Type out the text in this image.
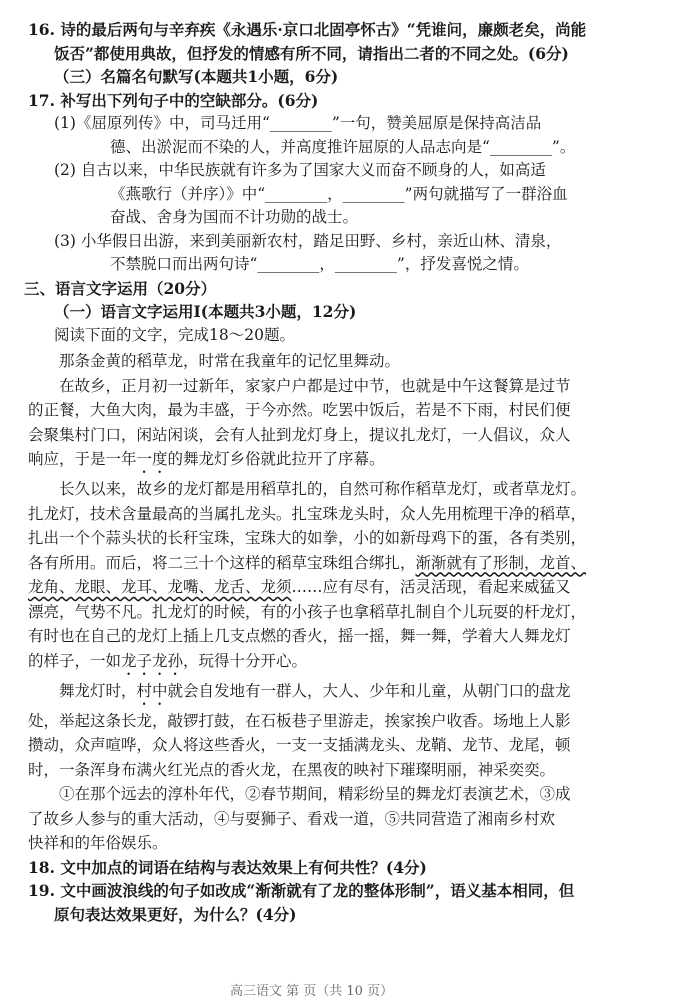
16. 诗的最后两句与辛弃疾《永遇乐·京口北固亭怀古》“凭谁问，廉颇老矣，尚能
饭否”都使用典故，但抒发的情感有所不同，请指出二者的不同之处。(6分)
（三）名篇名句默写(本题共1小题，6分)
17. 补写出下列句子中的空缺部分。(6分)
(1)《屈原列传》中，司马迁用“________”一句，赞美屈原是保持高洁品
德、出淤泥而不染的人，并高度推许屈原的人品志向是“________”。
(2) 自古以来，中华民族就有许多为了国家大义而奋不顾身的人，如高适
《燕歌行（并序）》中“________，________”两句就描写了一群浴血
奋战、舍身为国而不计功勋的战士。
(3) 小华假日出游，来到美丽新农村，踏足田野、乡村，亲近山林、清泉，
不禁脱口而出两句诗“________，________”，抒发喜悦之情。
三、语言文字运用（20分）
（一）语言文字运用Ⅰ(本题共3小题，12分)
阅读下面的文字，完成18～20题。
那条金黄的稻草龙，时常在我童年的记忆里舞动。
在故乡，正月初一过新年，家家户户都是过中节，也就是中午这餐算是过节
的正餐，大鱼大肉，最为丰盛，于今亦然。吃罢中饭后，若是不下雨，村民们便
会聚集村门口，闲站闲谈，会有人扯到龙灯身上，提议扎龙灯，一人倡议，众人
响应，于是一年一度的舞龙灯乡俗就此拉开了序幕。
长久以来，故乡的龙灯都是用稻草扎的，自然可称作稻草龙灯，或者草龙灯。
扎龙灯，技术含量最高的当属扎龙头。扎宝珠龙头时，众人先用梳理干净的稻草，
扎出一个个蒜头状的长秆宝珠，宝珠大的如拳，小的如新母鸡下的蛋，各有类别，
各有所用。而后，将二三十个这样的稻草宝珠组合绑扎，渐渐就有了形制，龙首、
龙角、龙眼、龙耳、龙嘴、龙舌、龙须……应有尽有，活灵活现，看起来威猛又
漂亮，气势不凡。扎龙灯的时候，有的小孩子也拿稻草扎制自个儿玩耍的杆龙灯，
有时也在自己的龙灯上插上几支点燃的香火，摇一摇，舞一舞，学着大人舞龙灯
的样子，一如龙子龙孙，玩得十分开心。
舞龙灯时，村中就会自发地有一群人，大人、少年和儿童，从朝门口的盘龙
处，举起这条长龙，敲锣打鼓，在石板巷子里游走，挨家挨户收香。场地上人影
攒动，众声喧哗，众人将这些香火，一支一支插满龙头、龙鞘、龙节、龙尾，顿
时，一条浑身布满火红光点的香火龙，在黑夜的映衬下璀璨明丽，神采奕奕。
①在那个远去的淳朴年代，②春节期间，精彩纷呈的舞龙灯表演艺术，③成
了故乡人参与的重大活动，④与耍狮子、看戏一道，⑤共同营造了湘南乡村欢
快祥和的年俗娱乐。
18. 文中加点的词语在结构与表达效果上有何共性？(4分)
19. 文中画波浪线的句子如改成“渐渐就有了龙的整体形制”，语义基本相同，但
原句表达效果更好，为什么？(4分)
高三语文 第 页（共 10 页）
